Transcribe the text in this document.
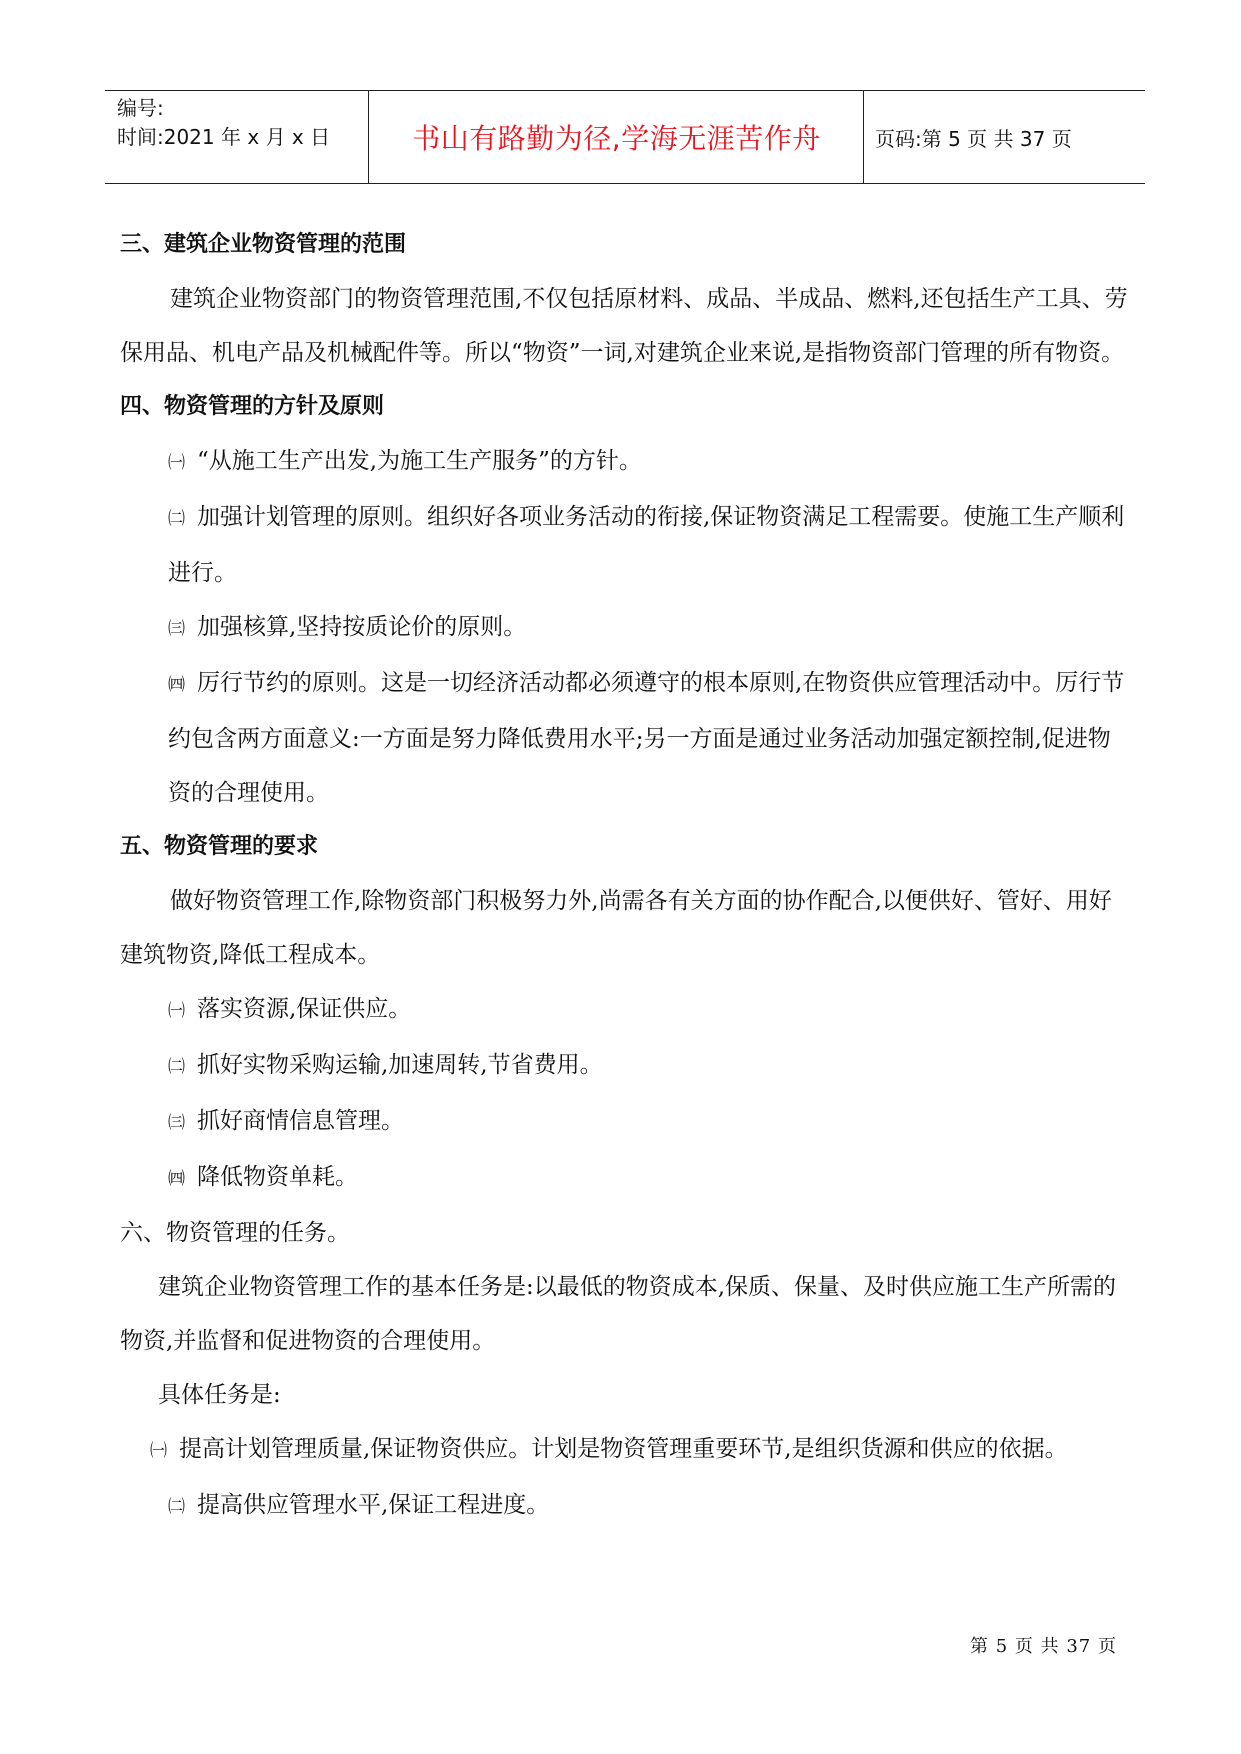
编号:
时间:2021 年 x 月 x 日	书山有路勤为径,学海无涯苦作舟	页码:第 5 页 共 37 页

三、建筑企业物资管理的范围

建筑企业物资部门的物资管理范围,不仅包括原材料、成品、半成品、燃料,还包括生产工具、劳保用品、机电产品及机械配件等。所以“物资”一词,对建筑企业来说,是指物资部门管理的所有物资。

四、物资管理的方针及原则

㈠ “从施工生产出发,为施工生产服务”的方针。

㈡ 加强计划管理的原则。组织好各项业务活动的衔接,保证物资满足工程需要。使施工生产顺利进行。

㈢ 加强核算,坚持按质论价的原则。

㈣ 厉行节约的原则。这是一切经济活动都必须遵守的根本原则,在物资供应管理活动中。厉行节约包含两方面意义:一方面是努力降低费用水平;另一方面是通过业务活动加强定额控制,促进物资的合理使用。

五、物资管理的要求

做好物资管理工作,除物资部门积极努力外,尚需各有关方面的协作配合,以便供好、管好、用好建筑物资,降低工程成本。

㈠ 落实资源,保证供应。

㈡ 抓好实物采购运输,加速周转,节省费用。

㈢ 抓好商情信息管理。

㈣ 降低物资单耗。

六、物资管理的任务。

建筑企业物资管理工作的基本任务是:以最低的物资成本,保质、保量、及时供应施工生产所需的物资,并监督和促进物资的合理使用。

具体任务是:

㈠ 提高计划管理质量,保证物资供应。计划是物资管理重要环节,是组织货源和供应的依据。

㈡ 提高供应管理水平,保证工程进度。

第 5 页 共 37 页
